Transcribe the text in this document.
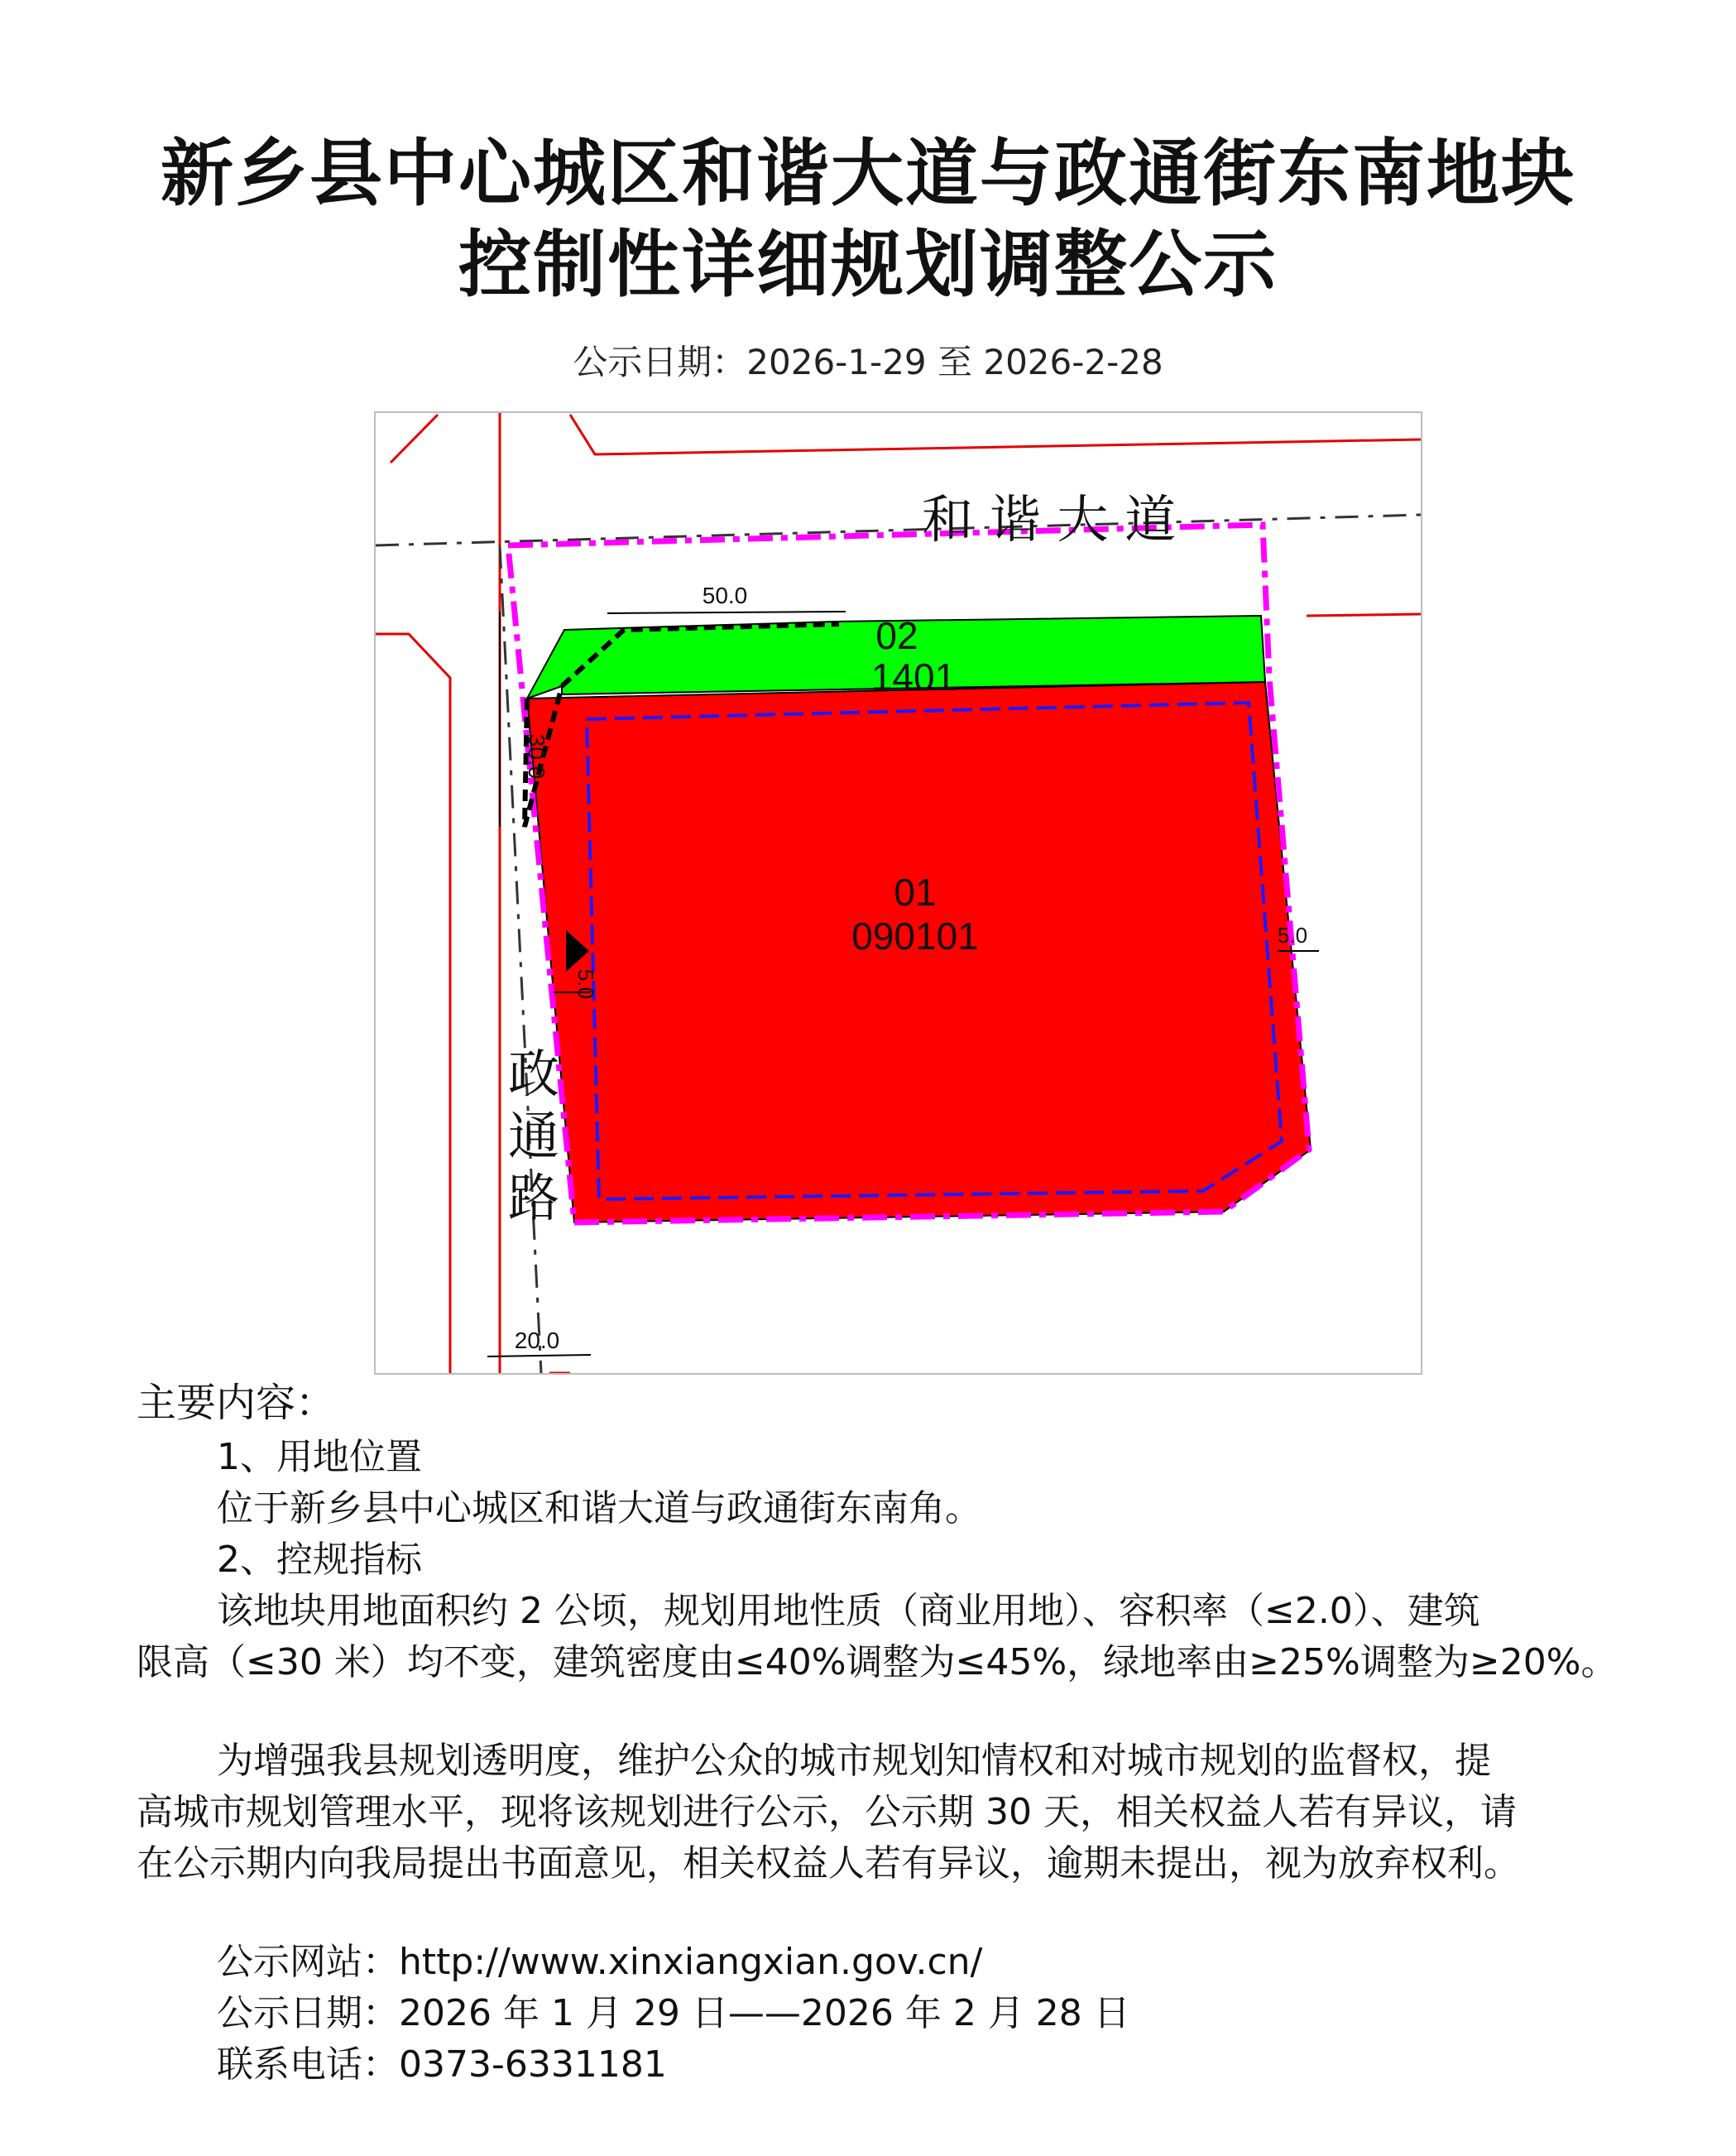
新乡县中心城区和谐大道与政通街东南地块
控制性详细规划调整公示
公示日期：2026-1-29 至 2026-2-28
和 谐 大 道
政
通
路
02
1401
01
090101
50.0
30.0
20.0
5.0
5.0
主要内容：
1、用地位置
位于新乡县中心城区和谐大道与政通街东南角。
2、控规指标
该地块用地面积约 2 公顷，规划用地性质（商业用地）、容积率（≤2.0）、建筑
限高（≤30 米）均不变，建筑密度由≤40%调整为≤45%，绿地率由≥25%调整为≥20%。
为增强我县规划透明度，维护公众的城市规划知情权和对城市规划的监督权，提
高城市规划管理水平，现将该规划进行公示，公示期 30 天，相关权益人若有异议，请
在公示期内向我局提出书面意见，相关权益人若有异议，逾期未提出，视为放弃权利。
公示网站：http://www.xinxiangxian.gov.cn/
公示日期：2026 年 1 月 29 日——2026 年 2 月 28 日
联系电话：0373-6331181
